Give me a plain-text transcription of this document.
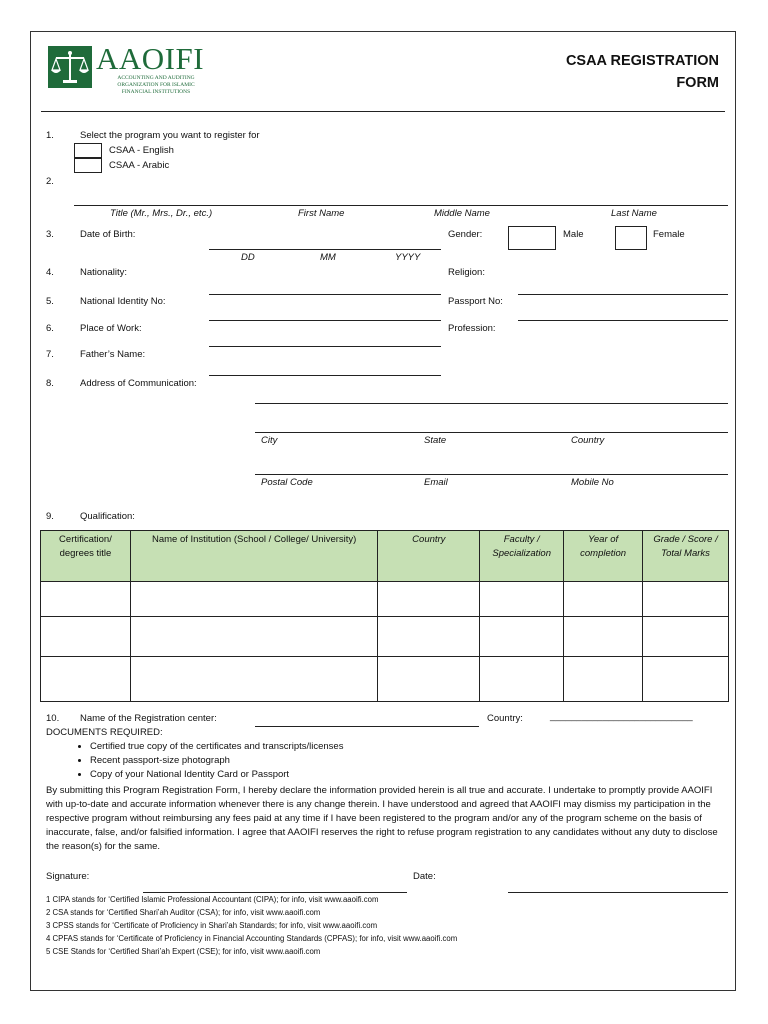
AAOIFI
ACCOUNTING AND AUDITING ORGANIZATION FOR ISLAMIC FINANCIAL INSTITUTIONS
CSAA REGISTRATION
FORM
1.	Select the program you want to register for
CSAA - English
CSAA - Arabic
2.
Title (Mr., Mrs., Dr., etc.)	First Name	Middle Name	Last Name
3.	Date of Birth:
DD	MM	YYYY
Gender:	Male	Female
4.	Nationality:	Religion:
5.	National Identity No:	Passport No:
6.	Place of Work:	Profession:
7.	Father’s Name:
8.	Address of Communication:
City	State	Country
Postal Code	Email	Mobile No
9.	Qualification:
Certification/ degrees title	Name of Institution (School / College/ University)	Country	Faculty / Specialization	Year of completion	Grade / Score / Total Marks

10. Name of the Registration center:	Country:	___________________________
DOCUMENTS REQUIRED:
• Certified true copy of the certificates and transcripts/licenses
• Recent passport-size photograph
• Copy of your National Identity Card or Passport
By submitting this Program Registration Form, I hereby declare the information provided herein is all true and accurate. I undertake to promptly provide AAOIFI with up-to-date and accurate information whenever there is any change therein. I have understood and agreed that AAOIFI may dismiss my participation in the respective program without reimbursing any fees paid at any time if I have been registered to the program and/or any of the program scheme on the basis of inaccurate, false, and/or falsified information. I agree that AAOIFI reserves the right to refuse program registration to any candidates without any duty to disclose the reason(s) for the same.
Signature:	Date:
1 CIPA stands for ‘Certified Islamic Professional Accountant (CIPA); for info, visit www.aaoifi.com
2 CSA stands for ‘Certified Shari’ah Auditor (CSA); for info, visit www.aaoifi.com
3 CPSS stands for ‘Certificate of Proficiency in Shari’ah Standards; for info, visit www.aaoifi.com
4 CPFAS stands for ‘Certificate of Proficiency in Financial Accounting Standards (CPFAS); for info, visit www.aaoifi.com
5 CSE Stands for ‘Certified Shari’ah Expert (CSE); for info, visit www.aaoifi.com
